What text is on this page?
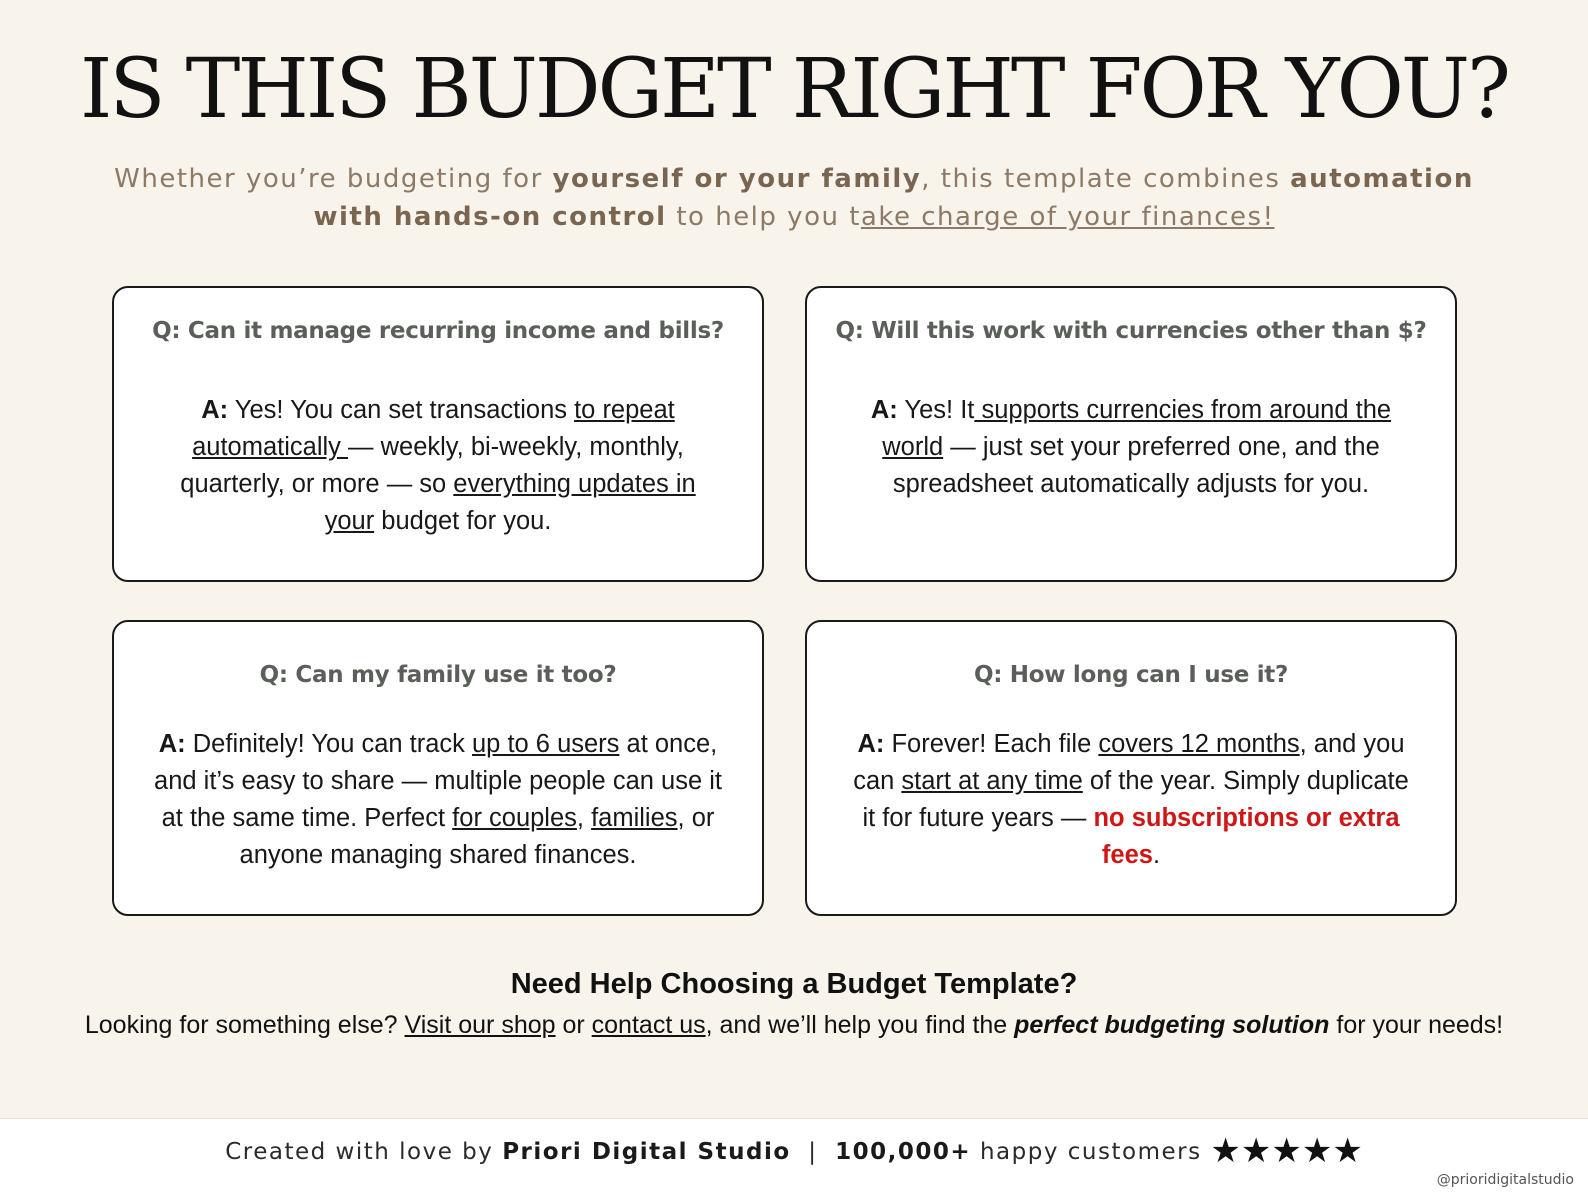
IS THIS BUDGET RIGHT FOR YOU?
Whether you’re budgeting for yourself or your family, this template combines automation with hands-on control to help you take charge of your finances!
Q: Can it manage recurring income and bills?
A: Yes! You can set transactions to repeat automatically — weekly, bi-weekly, monthly, quarterly, or more — so everything updates in your budget for you.
Q: Will this work with currencies other than $?
A: Yes! It supports currencies from around the world — just set your preferred one, and the spreadsheet automatically adjusts for you.
Q: Can my family use it too?
A: Definitely! You can track up to 6 users at once, and it’s easy to share — multiple people can use it at the same time. Perfect for couples, families, or anyone managing shared finances.
Q: How long can I use it?
A: Forever! Each file covers 12 months, and you can start at any time of the year. Simply duplicate it for future years — no subscriptions or extra fees.
Need Help Choosing a Budget Template?
Looking for something else? Visit our shop or contact us, and we’ll help you find the perfect budgeting solution for your needs!
Created with love by Priori Digital Studio  |  100,000+ happy customers ★★★★★
@prioridigitalstudio
